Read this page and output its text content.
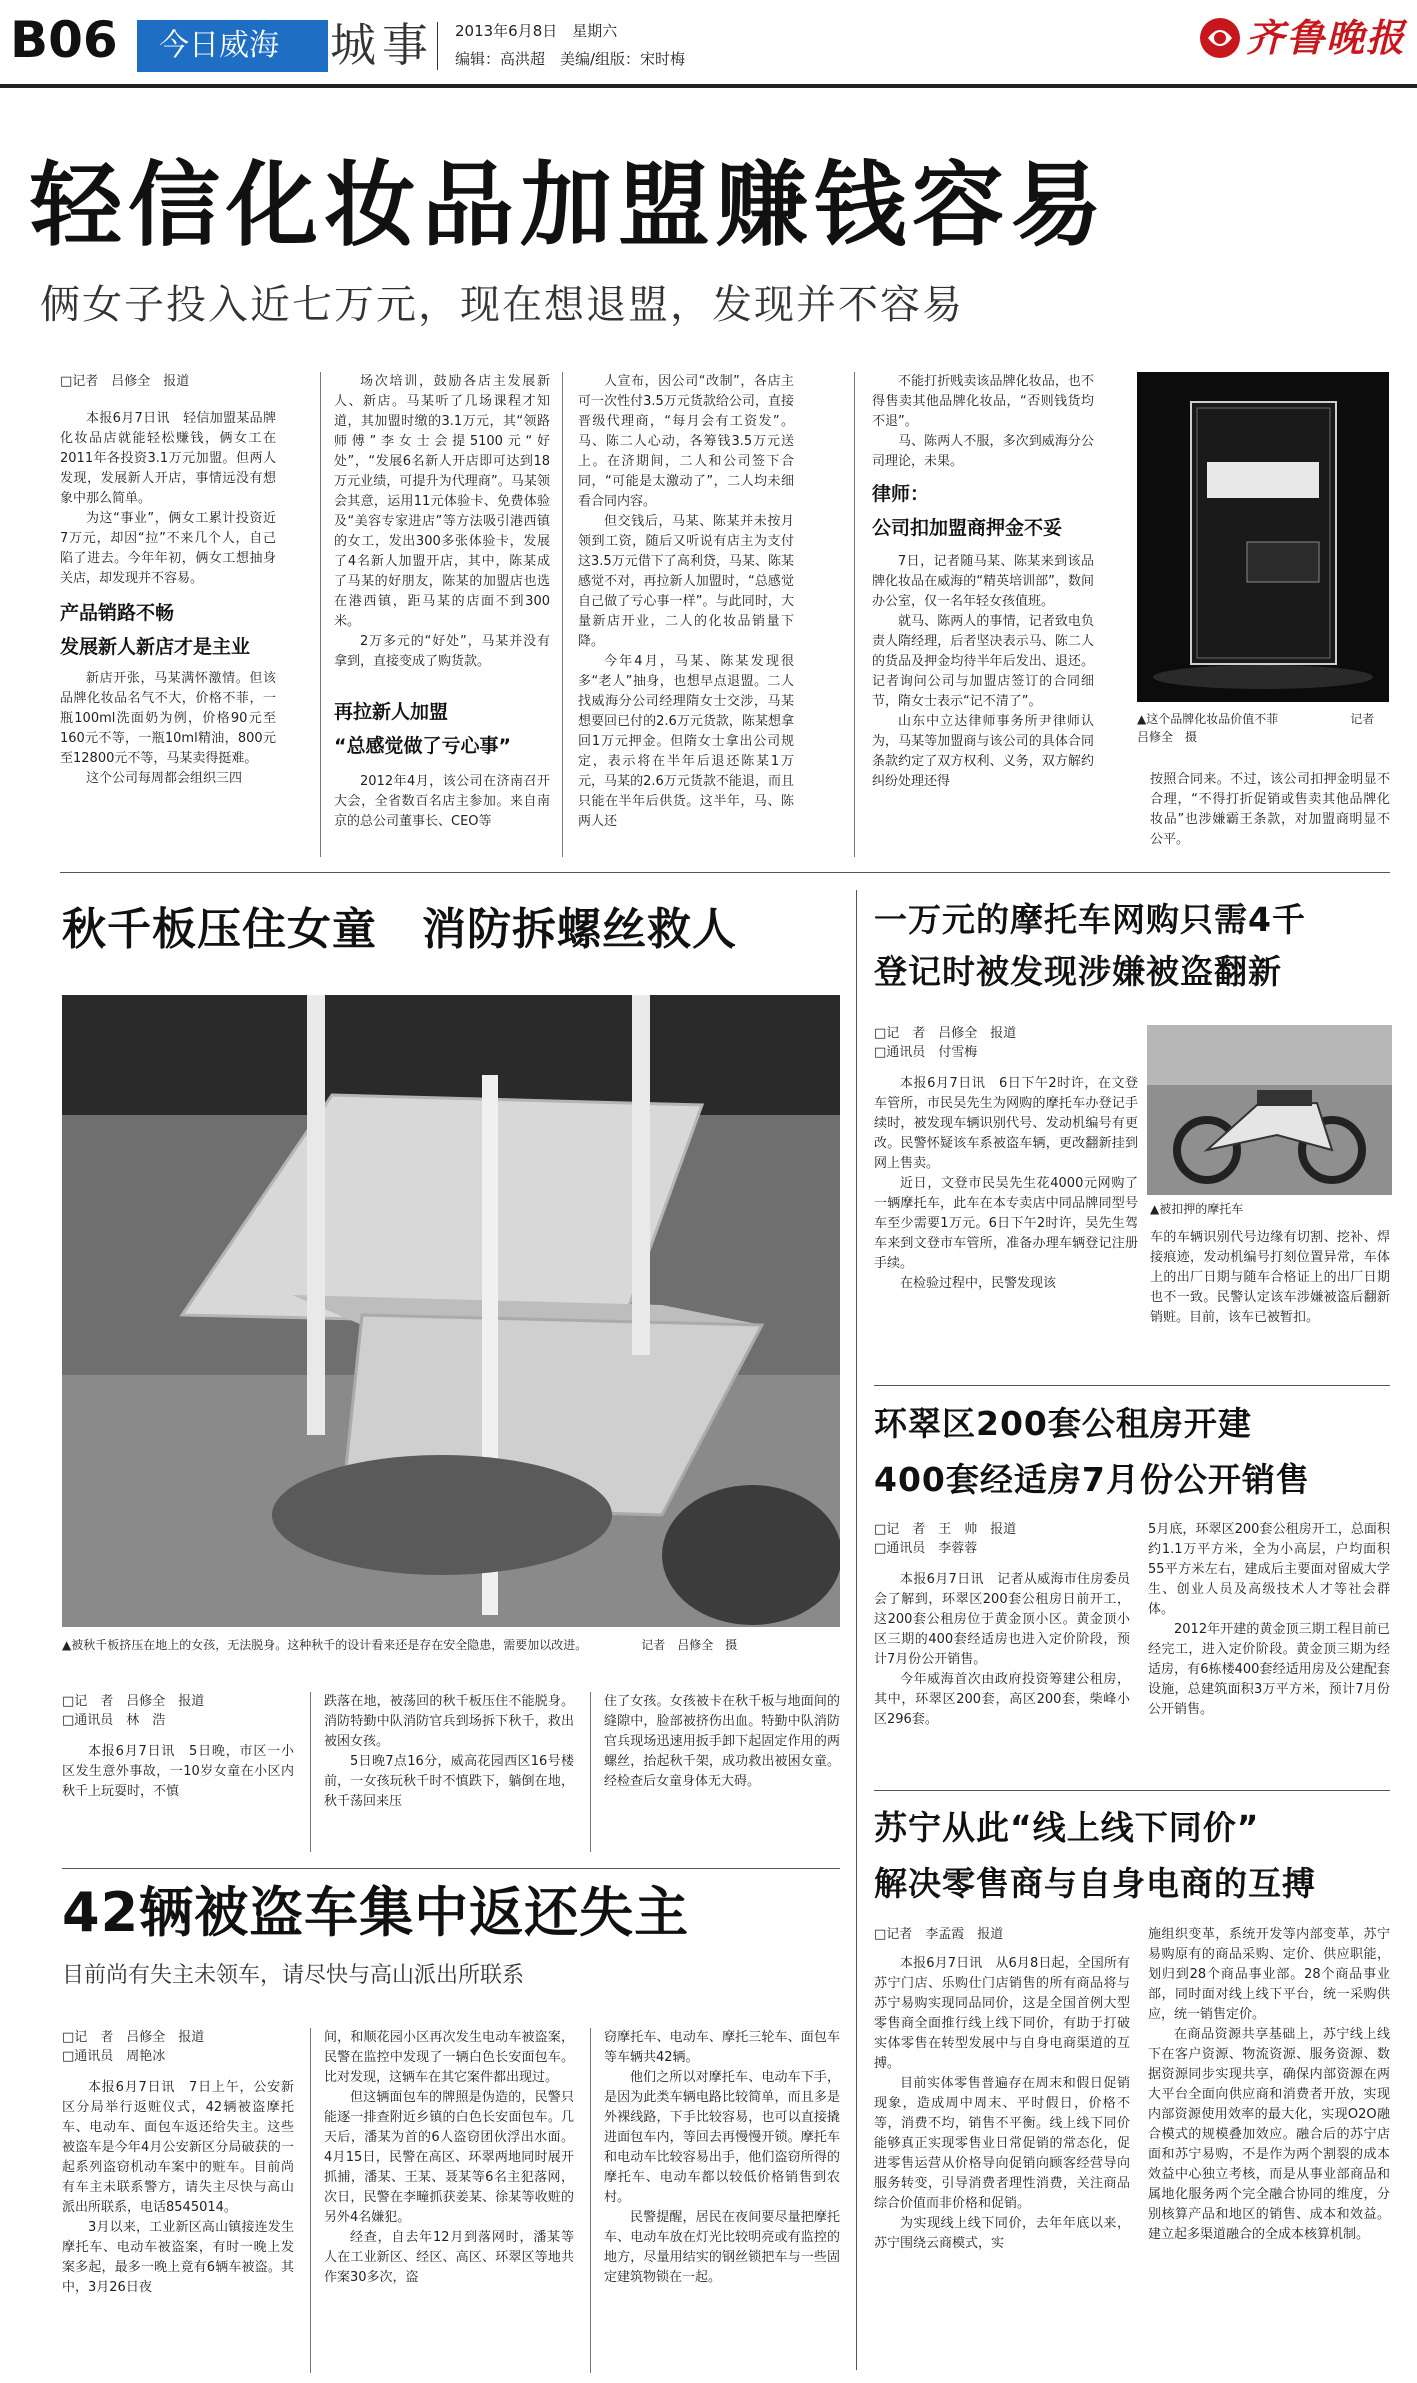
B06 今日威海 城事 2013年6月8日　星期六
编辑：高洪超　美编/组版：宋时梅	齐鲁晚报
轻信化妆品加盟赚钱容易
俩女子投入近七万元，现在想退盟，发现并不容易
□记者　吕修全　报道

本报6月7日讯　轻信加盟某品牌化妆品店就能轻松赚钱，俩女工在2011年各投资3.1万元加盟。但两人发现，发展新人开店，事情远没有想象中那么简单。

为这“事业”，俩女工累计投资近7万元，却因“拉”不来几个人，自己陷了进去。今年年初，俩女工想抽身关店，却发现并不容易。

产品销路不畅
发展新人新店才是主业

新店开张，马某满怀激情。但该品牌化妆品名气不大，价格不菲，一瓶100ml洗面奶为例，价格90元至160元不等，一瓶10ml精油，800元至12800元不等，马某卖得挺难。

这个公司每周都会组织三四

场次培训，鼓励各店主发展新人、新店。马某听了几场课程才知道，其加盟时缴的3.1万元，其“领路师傅”李女士会提5100元“好处”，“发展6名新人开店即可达到18万元业绩，可提升为代理商”。马某领会其意，运用11元体验卡、免费体验及“美容专家进店”等方法吸引港西镇的女工，发出300多张体验卡，发展了4名新人加盟开店，其中，陈某成了马某的好朋友，陈某的加盟店也选在港西镇，距马某的店面不到300米。

2万多元的“好处”，马某并没有拿到，直接变成了购货款。

再拉新人加盟
“总感觉做了亏心事”

2012年4月，该公司在济南召开大会，全省数百名店主参加。来自南京的总公司董事长、CEO等

人宣布，因公司“改制”，各店主可一次性付3.5万元货款给公司，直接晋级代理商，“每月会有工资发”。马、陈二人心动，各筹钱3.5万元送上。在济期间，二人和公司签下合同，“可能是太激动了”，二人均未细看合同内容。

但交钱后，马某、陈某并未按月领到工资，随后又听说有店主为支付这3.5万元借下了高利贷，马某、陈某感觉不对，再拉新人加盟时，“总感觉自己做了亏心事一样”。与此同时，大量新店开业，二人的化妆品销量下降。

今年4月，马某、陈某发现很多“老人”抽身，也想早点退盟。二人找威海分公司经理隋女士交涉，马某想要回已付的2.6万元货款，陈某想拿回1万元押金。但隋女士拿出公司规定，表示将在半年后退还陈某1万元，马某的2.6万元货款不能退，而且只能在半年后供货。这半年，马、陈两人还

不能打折贱卖该品牌化妆品，也不得售卖其他品牌化妆品，“否则钱货均不退”。

马、陈两人不服，多次到威海分公司理论，未果。

律师：
公司扣加盟商押金不妥

7日，记者随马某、陈某来到该品牌化妆品在威海的“精英培训部”，数间办公室，仅一名年轻女孩值班。

就马、陈两人的事情，记者致电负责人隋经理，后者坚决表示马、陈二人的货品及押金均待半年后发出、退还。记者询问公司与加盟店签订的合同细节，隋女士表示“记不清了”。

山东中立达律师事务所尹律师认为，马某等加盟商与该公司的具体合同条款约定了双方权利、义务，双方解约纠纷处理还得

▲这个品牌化妆品价值不菲　　　　　　记者　吕修全　摄

按照合同来。不过，该公司扣押金明显不合理，“不得打折促销或售卖其他品牌化妆品”也涉嫌霸王条款，对加盟商明显不公平。

秋千板压住女童　消防拆螺丝救人
▲被秋千板挤压在地上的女孩，无法脱身。这种秋千的设计看来还是存在安全隐患，需要加以改进。　　　　　记者　吕修全　摄
□记　者　吕修全　报道
□通讯员　林　浩

本报6月7日讯　5日晚，市区一小区发生意外事故，一10岁女童在小区内秋千上玩耍时，不慎

跌落在地，被荡回的秋千板压住不能脱身。消防特勤中队消防官兵到场拆下秋千，救出被困女孩。

5日晚7点16分，威高花园西区16号楼前，一女孩玩秋千时不慎跌下，躺倒在地，秋千荡回来压

住了女孩。女孩被卡在秋千板与地面间的缝隙中，脸部被挤伤出血。特勤中队消防官兵现场迅速用扳手卸下起固定作用的两螺丝，抬起秋千架，成功救出被困女童。经检查后女童身体无大碍。

42辆被盗车集中返还失主
目前尚有失主未领车，请尽快与高山派出所联系
□记　者　吕修全　报道
□通讯员　周艳冰

本报6月7日讯　7日上午，公安新区分局举行返赃仪式，42辆被盗摩托车、电动车、面包车返还给失主。这些被盗车是今年4月公安新区分局破获的一起系列盗窃机动车案中的赃车。目前尚有车主未联系警方，请失主尽快与高山派出所联系，电话8545014。

3月以来，工业新区高山镇接连发生摩托车、电动车被盗案，有时一晚上发案多起，最多一晚上竟有6辆车被盗。其中，3月26日夜

间，和顺花园小区再次发生电动车被盗案，民警在监控中发现了一辆白色长安面包车。比对发现，这辆车在其它案件都出现过。

但这辆面包车的牌照是伪造的，民警只能逐一排查附近乡镇的白色长安面包车。几天后，潘某为首的6人盗窃团伙浮出水面。4月15日，民警在高区、环翠两地同时展开抓捕，潘某、王某、聂某等6名主犯落网，次日，民警在李疃抓获姜某、徐某等收赃的另外4名嫌犯。

经查，自去年12月到落网时，潘某等人在工业新区、经区、高区、环翠区等地共作案30多次，盗

窃摩托车、电动车、摩托三轮车、面包车等车辆共42辆。

他们之所以对摩托车、电动车下手，是因为此类车辆电路比较简单，而且多是外裸线路，下手比较容易，也可以直接撬进面包车内，等回去再慢慢开锁。摩托车和电动车比较容易出手，他们盗窃所得的摩托车、电动车都以较低价格销售到农村。

民警提醒，居民在夜间要尽量把摩托车、电动车放在灯光比较明亮或有监控的地方，尽量用结实的钢丝锁把车与一些固定建筑物锁在一起。

一万元的摩托车网购只需4千
登记时被发现涉嫌被盗翻新
□记　者　吕修全　报道
□通讯员　付雪梅

本报6月7日讯　6日下午2时许，在文登车管所，市民吴先生为网购的摩托车办登记手续时，被发现车辆识别代号、发动机编号有更改。民警怀疑该车系被盗车辆，更改翻新挂到网上售卖。

近日，文登市民吴先生花4000元网购了一辆摩托车，此车在本专卖店中同品牌同型号车至少需要1万元。6日下午2时许，吴先生驾车来到文登市车管所，准备办理车辆登记注册手续。

在检验过程中，民警发现该

▲被扣押的摩托车

车的车辆识别代号边缘有切割、挖补、焊接痕迹，发动机编号打刻位置异常，车体上的出厂日期与随车合格证上的出厂日期也不一致。民警认定该车涉嫌被盗后翻新销赃。目前，该车已被暂扣。

环翠区200套公租房开建
400套经适房7月份公开销售
□记　者　王　帅　报道
□通讯员　李蓉蓉

本报6月7日讯　记者从威海市住房委员会了解到，环翠区200套公租房日前开工，这200套公租房位于黄金顶小区。黄金顶小区三期的400套经适房也进入定价阶段，预计7月份公开销售。

今年威海首次由政府投资筹建公租房，其中，环翠区200套，高区200套，柴峰小区296套。

5月底，环翠区200套公租房开工，总面积约1.1万平方米，全为小高层，户均面积55平方米左右，建成后主要面对留威大学生、创业人员及高级技术人才等社会群体。

2012年开建的黄金顶三期工程目前已经完工，进入定价阶段。黄金顶三期为经适房，有6栋楼400套经适用房及公建配套设施，总建筑面积3万平方米，预计7月份公开销售。

苏宁从此“线上线下同价”
解决零售商与自身电商的互搏
□记者　李孟霞　报道

本报6月7日讯　从6月8日起，全国所有苏宁门店、乐购仕门店销售的所有商品将与苏宁易购实现同品同价，这是全国首例大型零售商全面推行线上线下同价，有助于打破实体零售在转型发展中与自身电商渠道的互搏。

目前实体零售普遍存在周末和假日促销现象，造成周中周末、平时假日，价格不等，消费不均，销售不平衡。线上线下同价能够真正实现零售业日常促销的常态化，促进零售运营从价格导向促销向顾客经营导向服务转变，引导消费者理性消费，关注商品综合价值而非价格和促销。

为实现线上线下同价，去年年底以来，苏宁围绕云商模式，实

施组织变革，系统开发等内部变革，苏宁易购原有的商品采购、定价、供应职能，划归到28个商品事业部。28个商品事业部，同时面对线上线下平台，统一采购供应，统一销售定价。

在商品资源共享基础上，苏宁线上线下在客户资源、物流资源、服务资源、数据资源同步实现共享，确保内部资源在两大平台全面向供应商和消费者开放，实现内部资源使用效率的最大化，实现O2O融合模式的规模叠加效应。融合后的苏宁店面和苏宁易购，不是作为两个割裂的成本效益中心独立考核，而是从事业部商品和属地化服务两个完全融合协同的维度，分别核算产品和地区的销售、成本和效益。建立起多渠道融合的全成本核算机制。
